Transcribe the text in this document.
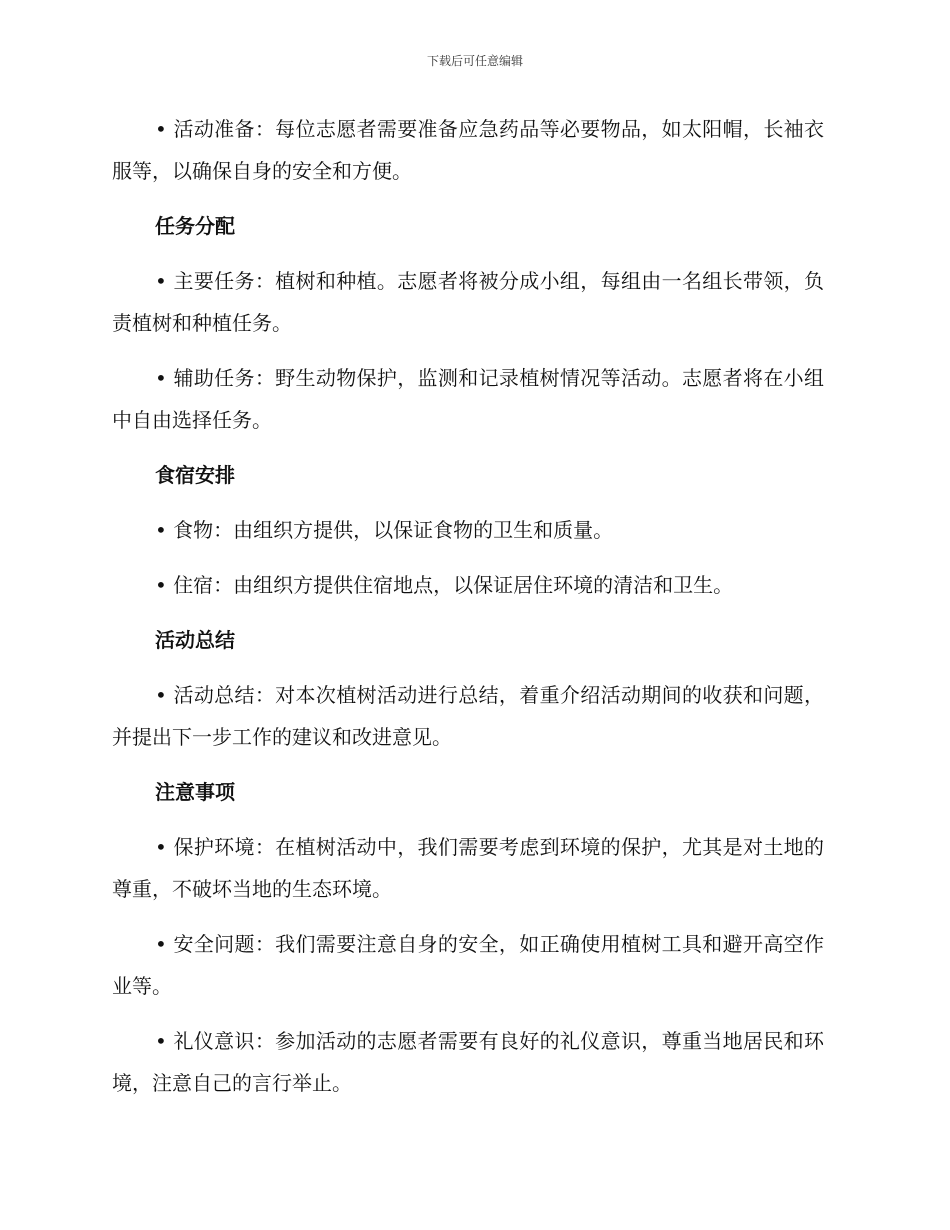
下载后可任意编辑

• 活动准备：每位志愿者需要准备应急药品等必要物品，如太阳帽，长袖衣服等，以确保自身的安全和方便。

任务分配

• 主要任务：植树和种植。志愿者将被分成小组，每组由一名组长带领，负责植树和种植任务。

• 辅助任务：野生动物保护，监测和记录植树情况等活动。志愿者将在小组中自由选择任务。

食宿安排

• 食物：由组织方提供，以保证食物的卫生和质量。

• 住宿：由组织方提供住宿地点，以保证居住环境的清洁和卫生。

活动总结

• 活动总结：对本次植树活动进行总结，着重介绍活动期间的收获和问题，并提出下一步工作的建议和改进意见。

注意事项

• 保护环境：在植树活动中，我们需要考虑到环境的保护，尤其是对土地的尊重，不破坏当地的生态环境。

• 安全问题：我们需要注意自身的安全，如正确使用植树工具和避开高空作业等。

• 礼仪意识：参加活动的志愿者需要有良好的礼仪意识，尊重当地居民和环境，注意自己的言行举止。
